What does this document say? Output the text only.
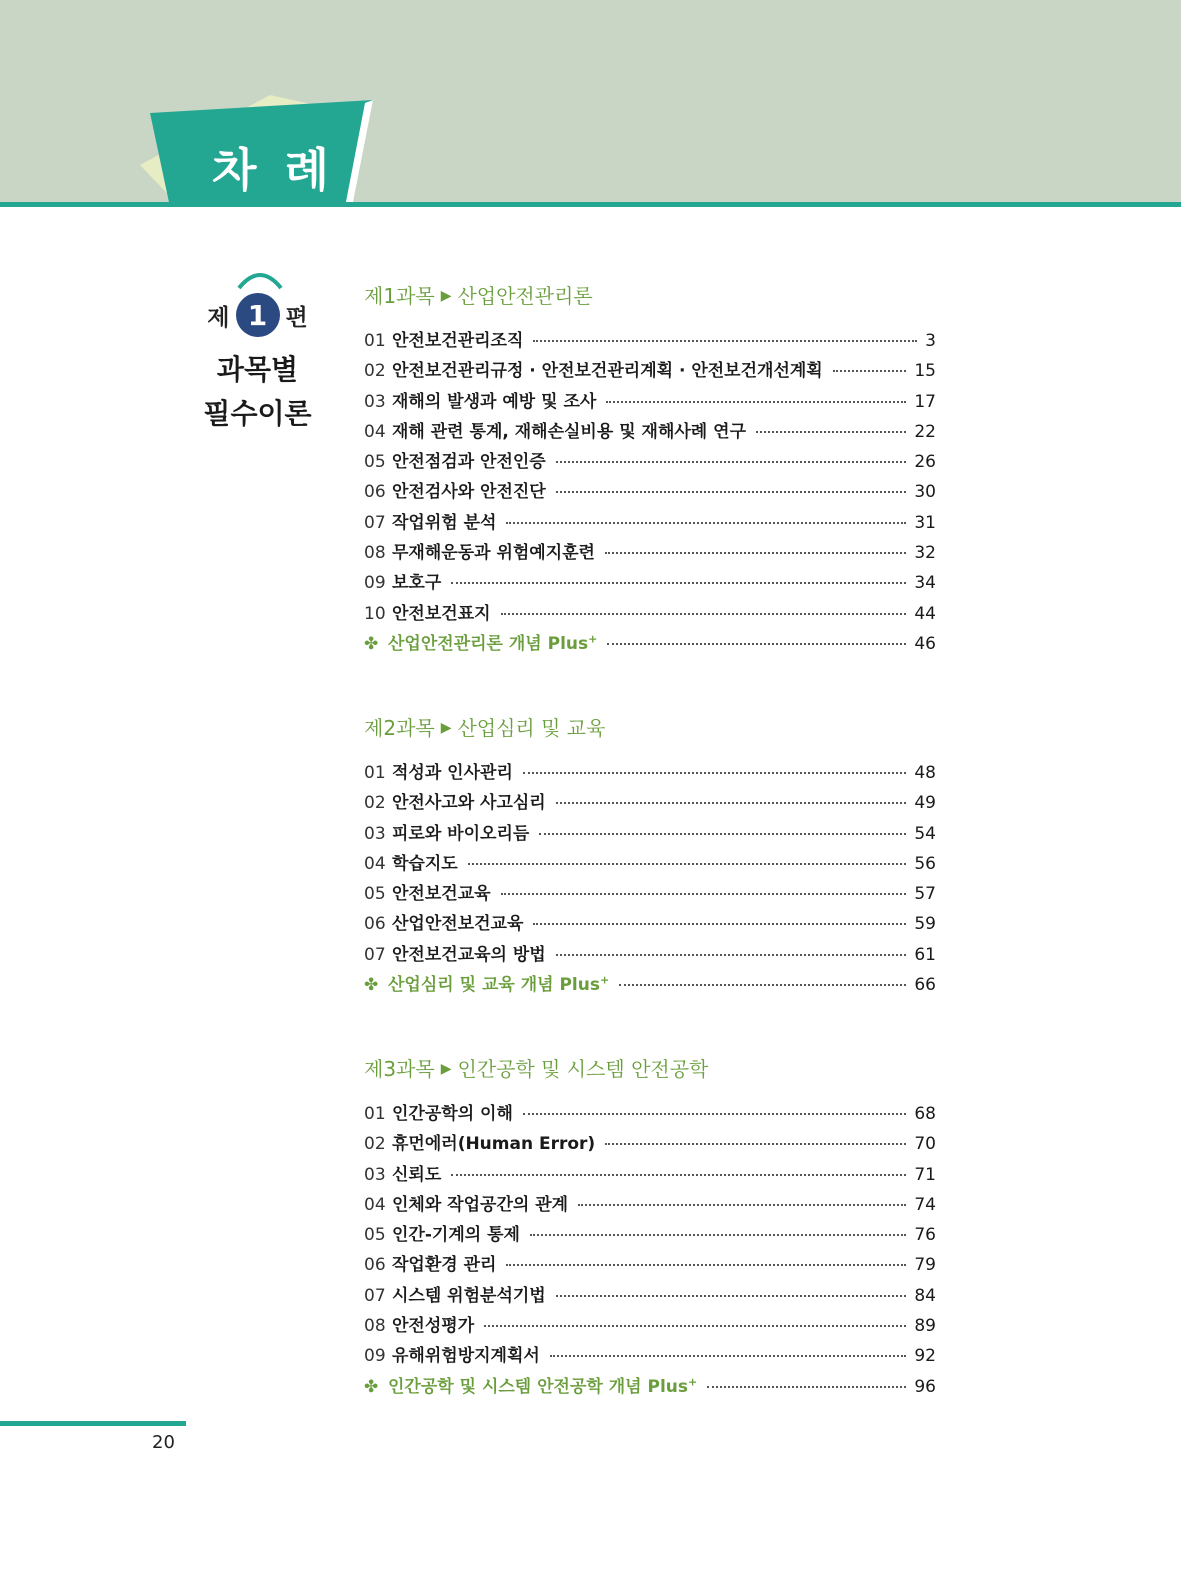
차 례
제 1 편
과목별
필수이론
제1과목 ▶ 산업안전관리론
01 안전보건관리조직	3
02 안전보건관리규정 · 안전보건관리계획 · 안전보건개선계획	15
03 재해의 발생과 예방 및 조사	17
04 재해 관련 통계, 재해손실비용 및 재해사례 연구	22
05 안전점검과 안전인증	26
06 안전검사와 안전진단	30
07 작업위험 분석	31
08 무재해운동과 위험예지훈련	32
09 보호구	34
10 안전보건표지	44
✤ 산업안전관리론 개념 Plus+	46
제2과목 ▶ 산업심리 및 교육
01 적성과 인사관리	48
02 안전사고와 사고심리	49
03 피로와 바이오리듬	54
04 학습지도	56
05 안전보건교육	57
06 산업안전보건교육	59
07 안전보건교육의 방법	61
✤ 산업심리 및 교육 개념 Plus+	66
제3과목 ▶ 인간공학 및 시스템 안전공학
01 인간공학의 이해	68
02 휴먼에러(Human Error)	70
03 신뢰도	71
04 인체와 작업공간의 관계	74
05 인간-기계의 통제	76
06 작업환경 관리	79
07 시스템 위험분석기법	84
08 안전성평가	89
09 유해위험방지계획서	92
✤ 인간공학 및 시스템 안전공학 개념 Plus+	96
20
